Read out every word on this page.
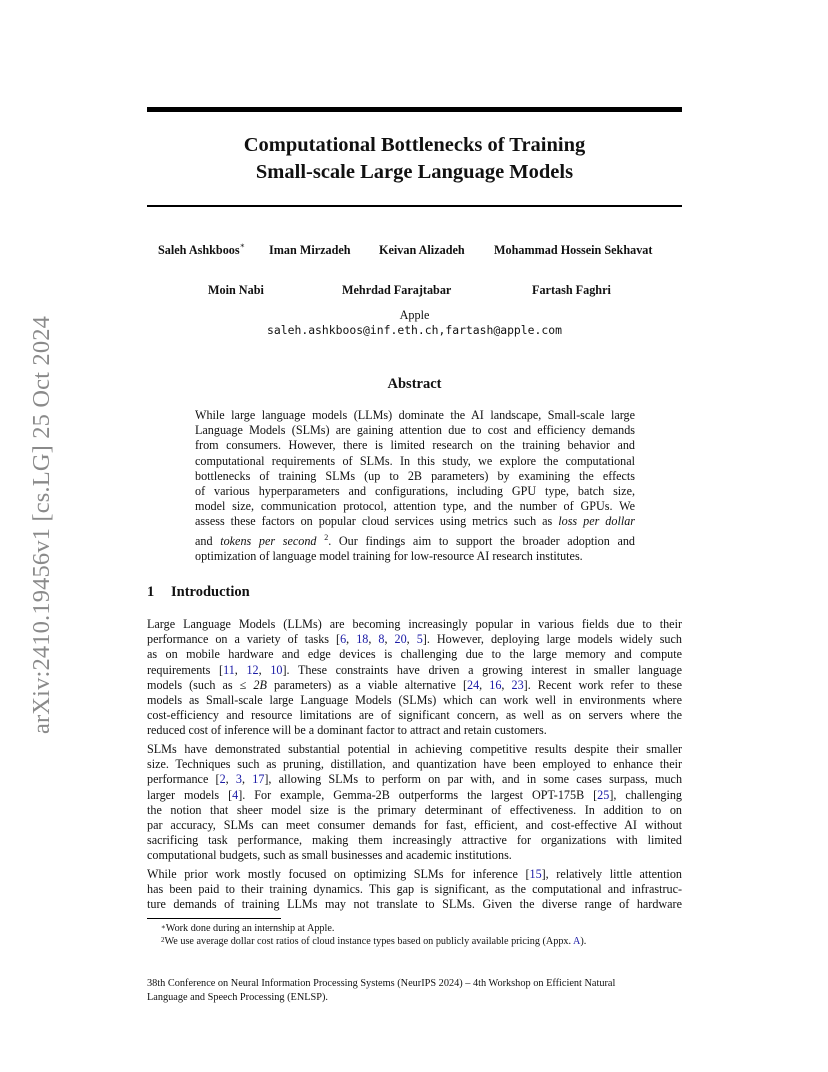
arXiv:2410.19456v1 [cs.LG] 25 Oct 2024
Computational Bottlenecks of Training
Small-scale Large Language Models
Saleh Ashkboos∗ Iman Mirzadeh Keivan Alizadeh Mohammad Hossein Sekhavat
Moin Nabi	Mehrdad Farajtabar	Fartash Faghri
Apple
saleh.ashkboos@inf.eth.ch,fartash@apple.com
Abstract
While large language models (LLMs) dominate the AI landscape, Small-scale large
Language Models (SLMs) are gaining attention due to cost and efficiency demands
from consumers. However, there is limited research on the training behavior and
computational requirements of SLMs. In this study, we explore the computational
bottlenecks of training SLMs (up to 2B parameters) by examining the effects
of various hyperparameters and configurations, including GPU type, batch size,
model size, communication protocol, attention type, and the number of GPUs. We
assess these factors on popular cloud services using metrics such as loss per dollar
and tokens per second $^2$. Our findings aim to support the broader adoption and
optimization of language model training for low-resource AI research institutes.
1 Introduction
Large Language Models (LLMs) are becoming increasingly popular in various fields due to their
performance on a variety of tasks [6, 18, 8, 20, 5]. However, deploying large models widely such
as on mobile hardware and edge devices is challenging due to the large memory and compute
requirements [11, 12, 10]. These constraints have driven a growing interest in smaller language
models (such as ≤ 2B parameters) as a viable alternative [24, 16, 23]. Recent work refer to these
models as Small-scale large Language Models (SLMs) which can work well in environments where
cost-efficiency and resource limitations are of significant concern, as well as on servers where the
reduced cost of inference will be a dominant factor to attract and retain customers.
SLMs have demonstrated substantial potential in achieving competitive results despite their smaller
size. Techniques such as pruning, distillation, and quantization have been employed to enhance their
performance [2, 3, 17], allowing SLMs to perform on par with, and in some cases surpass, much
larger models [4]. For example, Gemma-2B outperforms the largest OPT-175B [25], challenging
the notion that sheer model size is the primary determinant of effectiveness. In addition to on
par accuracy, SLMs can meet consumer demands for fast, efficient, and cost-effective AI without
sacrificing task performance, making them increasingly attractive for organizations with limited
computational budgets, such as small businesses and academic institutions.
While prior work mostly focused on optimizing SLMs for inference [15], relatively little attention
has been paid to their training dynamics. This gap is significant, as the computational and infrastruc-
ture demands of training LLMs may not translate to SLMs. Given the diverse range of hardware
∗Work done during an internship at Apple.
$^2$We use average dollar cost ratios of cloud instance types based on publicly available pricing (Appx. A).
38th Conference on Neural Information Processing Systems (NeurIPS 2024) – 4th Workshop on Efficient Natural
Language and Speech Processing (ENLSP).
